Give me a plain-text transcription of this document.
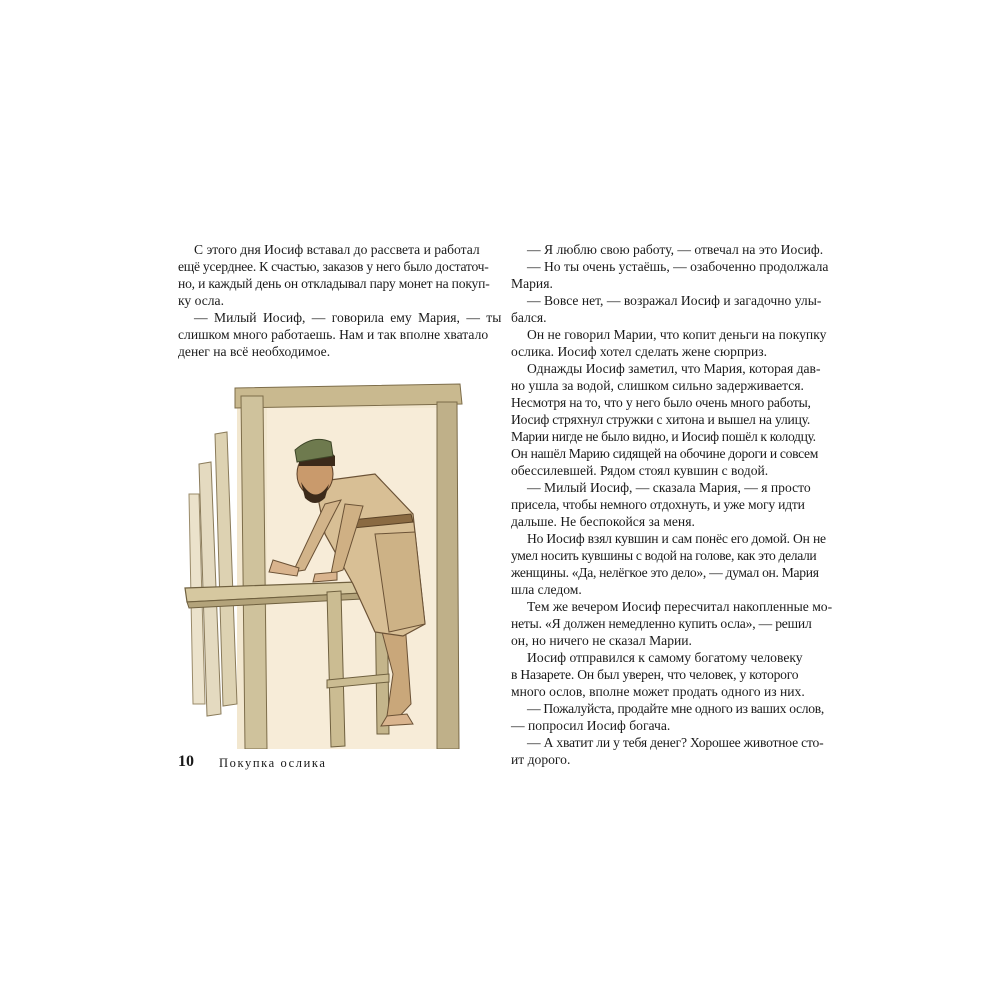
С этого дня Иосиф вставал до рассвета и работал

ещё усерднее. К счастью, заказов у него было достаточ-

но, и каждый день он откладывал пару монет на покуп-

ку осла.

— Милый Иосиф, — говорила ему Мария, — ты

слишком много работаешь. Нам и так вполне хватало

денег на всё необходимое.

— Я люблю свою работу, — отвечал на это Иосиф.

— Но ты очень устаёшь, — озабоченно продолжала

Мария.

— Вовсе нет, — возражал Иосиф и загадочно улы-

бался.

Он не говорил Марии, что копит деньги на покупку

ослика. Иосиф хотел сделать жене сюрприз.

Однажды Иосиф заметил, что Мария, которая дав-

но ушла за водой, слишком сильно задерживается.

Несмотря на то, что у него было очень много работы,

Иосиф стряхнул стружки с хитона и вышел на улицу.

Марии нигде не было видно, и Иосиф пошёл к колодцу.

Он нашёл Марию сидящей на обочине дороги и совсем

обессилевшей. Рядом стоял кувшин с водой.

— Милый Иосиф, — сказала Мария, — я просто

присела, чтобы немного отдохнуть, и уже могу идти

дальше. Не беспокойся за меня.

Но Иосиф взял кувшин и сам понёс его домой. Он не

умел носить кувшины с водой на голове, как это делали

женщины. «Да, нелёгкое это дело», — думал он. Мария

шла следом.

Тем же вечером Иосиф пересчитал накопленные мо-

неты. «Я должен немедленно купить осла», — решил

он, но ничего не сказал Марии.

Иосиф отправился к самому богатому человеку

в Назарете. Он был уверен, что человек, у которого

много ослов, вполне может продать одного из них.

— Пожалуйста, продайте мне одного из ваших ослов,

— попросил Иосиф богача.

— А хватит ли у тебя денег? Хорошее животное сто-

ит дорого.

10 Покупка ослика
